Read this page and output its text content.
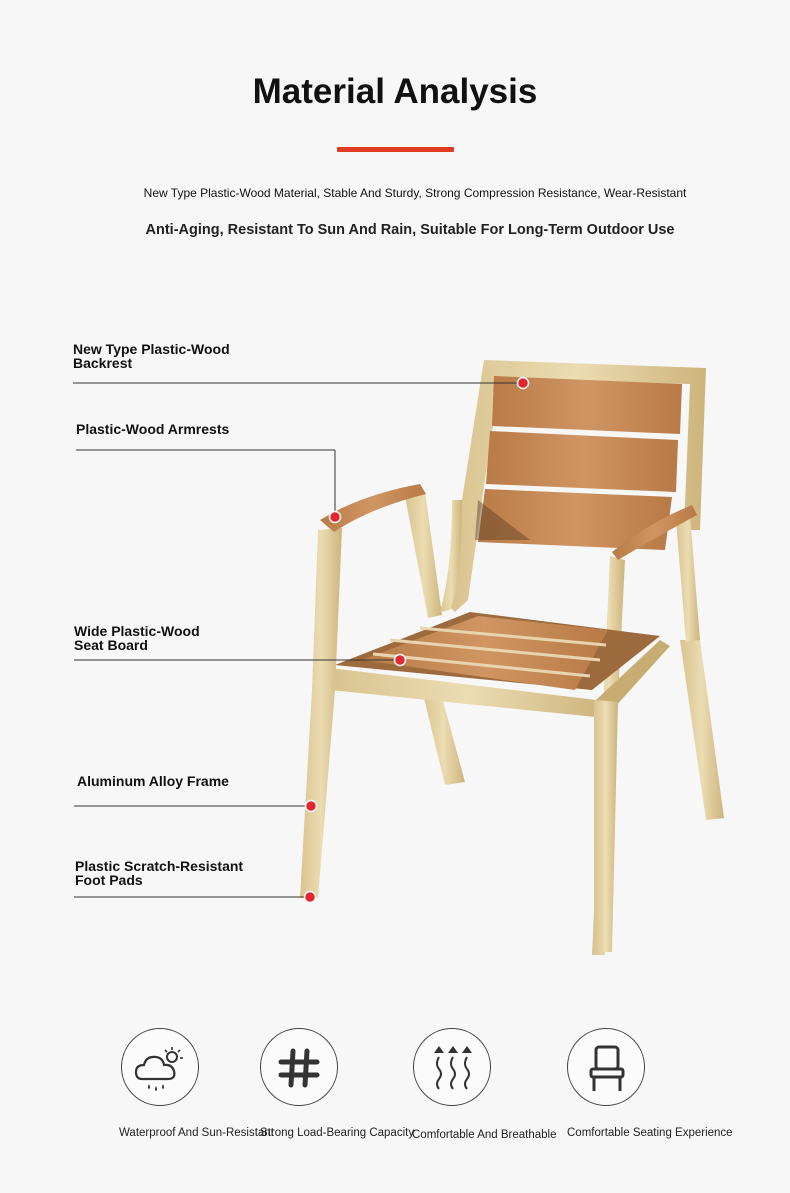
Material Analysis
New Type Plastic-Wood Material, Stable And Sturdy, Strong Compression Resistance, Wear-Resistant
Anti-Aging, Resistant To Sun And Rain, Suitable For Long-Term Outdoor Use
New Type Plastic-Wood
Backrest
Plastic-Wood Armrests
Wide Plastic-Wood
Seat Board
Aluminum Alloy Frame
Plastic Scratch-Resistant
Foot Pads
Waterproof And Sun-Resistant
Strong Load-Bearing Capacity
Comfortable And Breathable Comfortable Seating Experience
